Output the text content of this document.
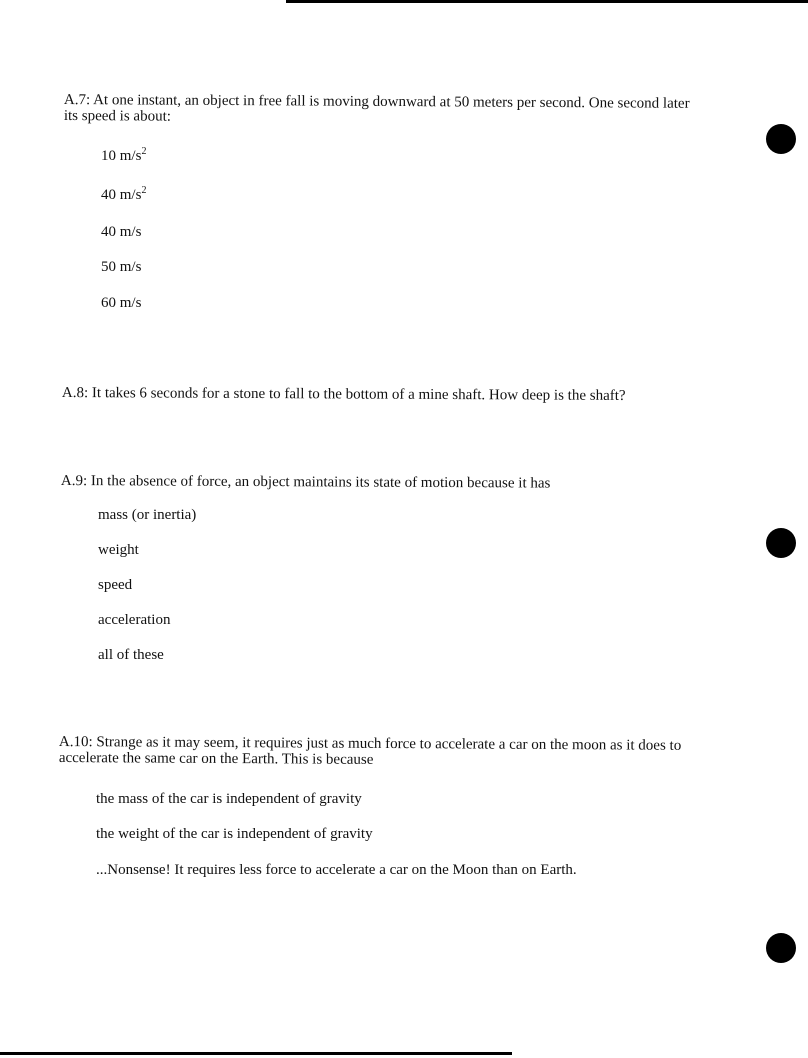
A.7: At one instant, an object in free fall is moving downward at 50 meters per second. One second later
its speed is about:
10 $m/s^2$
40 $m/s^2$
40 m/s
50 m/s
60 m/s
A.8: It takes 6 seconds for a stone to fall to the bottom of a mine shaft. How deep is the shaft?
A.9: In the absence of force, an object maintains its state of motion because it has
mass (or inertia)
weight
speed
acceleration
all of these
A.10: Strange as it may seem, it requires just as much force to accelerate a car on the moon as it does to
accelerate the same car on the Earth. This is because
the mass of the car is independent of gravity
the weight of the car is independent of gravity
...Nonsense! It requires less force to accelerate a car on the Moon than on Earth.
